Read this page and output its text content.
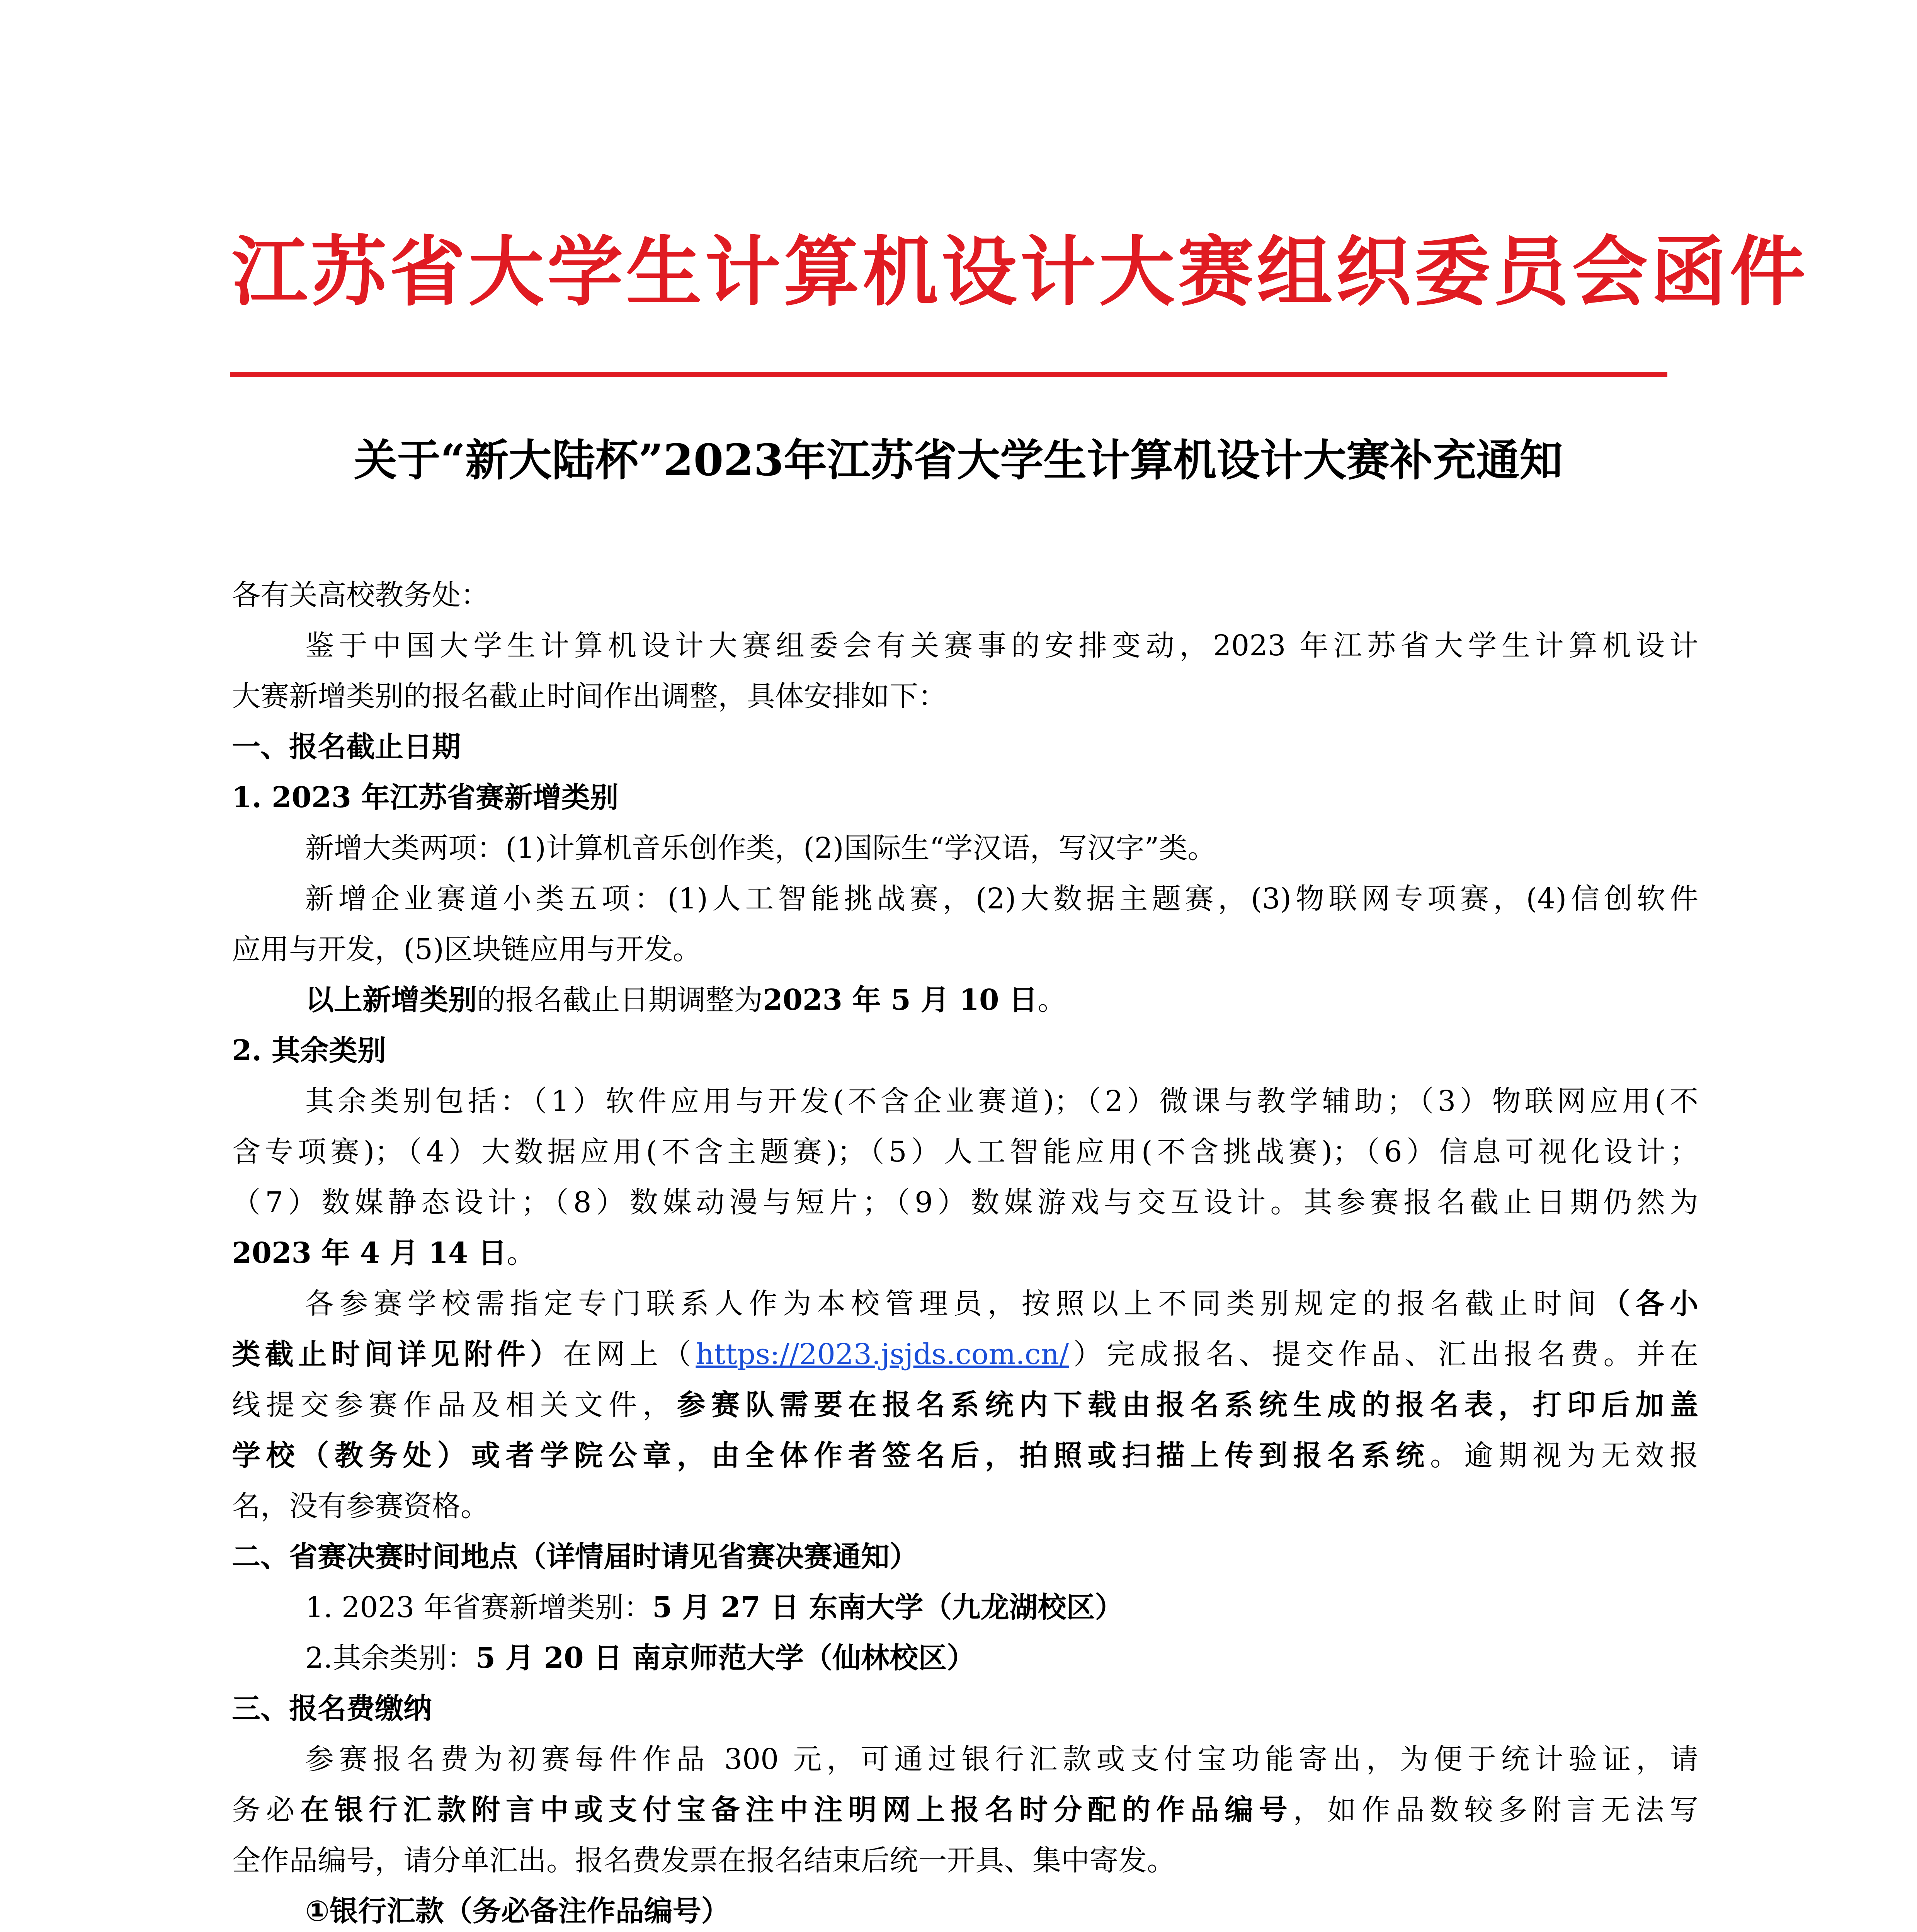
江苏省大学生计算机设计大赛组织委员会函件
关于“新大陆杯”2023年江苏省大学生计算机设计大赛补充通知
各有关高校教务处：
鉴于中国大学生计算机设计大赛组委会有关赛事的安排变动，2023 年江苏省大学生计算机设计
大赛新增类别的报名截止时间作出调整，具体安排如下：
一、报名截止日期
1. 2023 年江苏省赛新增类别
新增大类两项：(1)计算机音乐创作类，(2)国际生“学汉语，写汉字”类。
新增企业赛道小类五项：(1)人工智能挑战赛，(2)大数据主题赛，(3)物联网专项赛，(4)信创软件
应用与开发，(5)区块链应用与开发。
以上新增类别的报名截止日期调整为2023 年 5 月 10 日。
2. 其余类别
其余类别包括：（1）软件应用与开发(不含企业赛道)；（2）微课与教学辅助；（3）物联网应用(不
含专项赛)；（4）大数据应用(不含主题赛)；（5）人工智能应用(不含挑战赛)；（6）信息可视化设计；
（7）数媒静态设计；（8）数媒动漫与短片；（9）数媒游戏与交互设计。其参赛报名截止日期仍然为
2023 年 4 月 14 日。
各参赛学校需指定专门联系人作为本校管理员，按照以上不同类别规定的报名截止时间（各小
类截止时间详见附件）在网上（https://2023.jsjds.com.cn/）完成报名、提交作品、汇出报名费。并在
线提交参赛作品及相关文件，参赛队需要在报名系统内下载由报名系统生成的报名表，打印后加盖
学校（教务处）或者学院公章，由全体作者签名后，拍照或扫描上传到报名系统。逾期视为无效报
名，没有参赛资格。
二、省赛决赛时间地点（详情届时请见省赛决赛通知）
1. 2023 年省赛新增类别：5 月 27 日 东南大学（九龙湖校区）
2.其余类别：5 月 20 日 南京师范大学（仙林校区）
三、报名费缴纳
参赛报名费为初赛每件作品 300 元，可通过银行汇款或支付宝功能寄出，为便于统计验证，请
务必在银行汇款附言中或支付宝备注中注明网上报名时分配的作品编号，如作品数较多附言无法写
全作品编号，请分单汇出。报名费发票在报名结束后统一开具、集中寄发。
①银行汇款（务必备注作品编号）
